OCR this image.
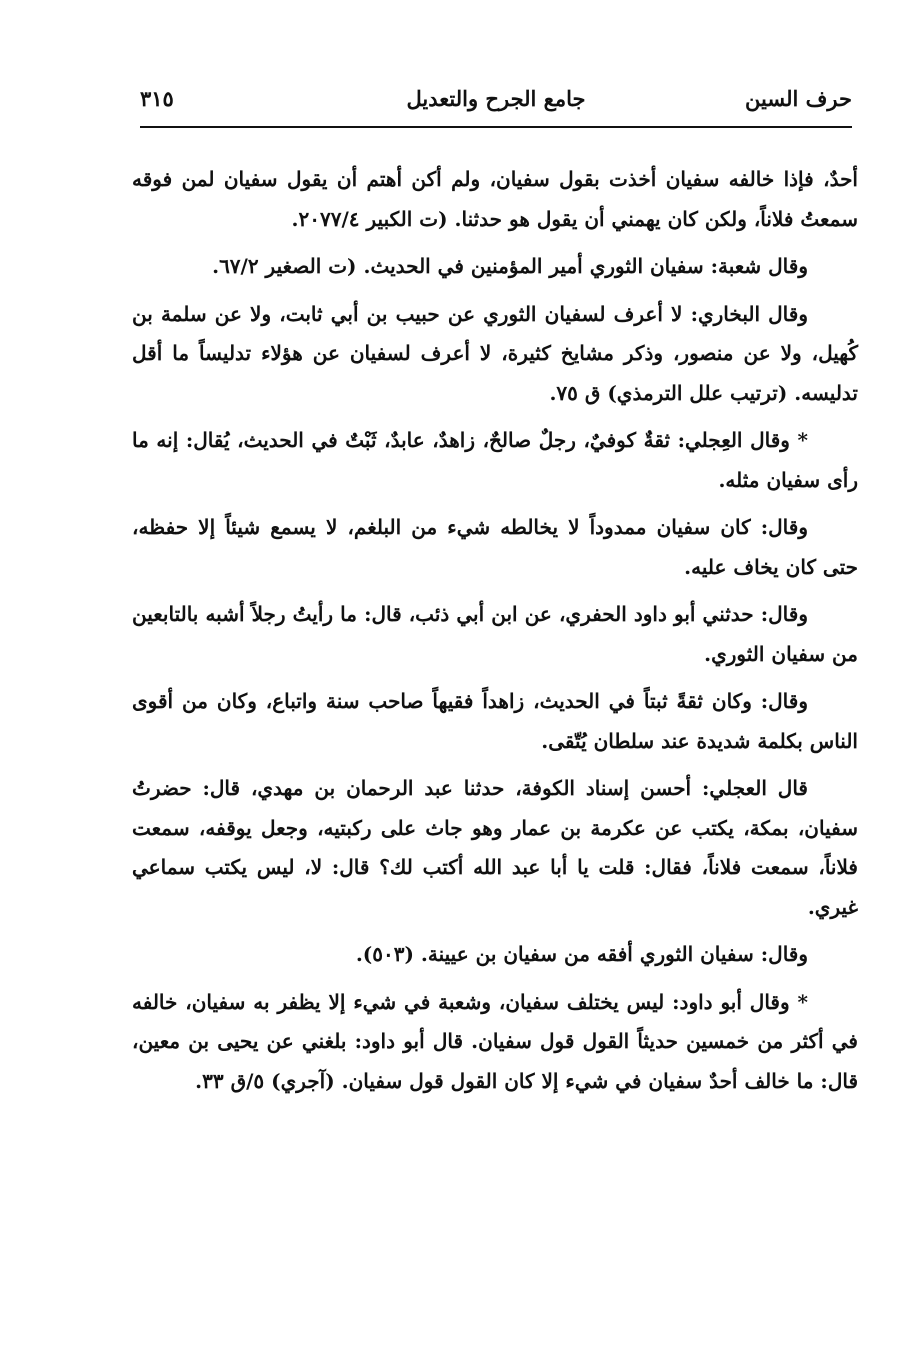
حرف السين
جامع الجرح والتعديل
٣١٥

أحدٌ، فإذا خالفه سفيان أخذت بقول سفيان، ولم أكن أهتم أن يقول سفيان لمن فوقه سمعتُ فلاناً، ولكن كان يهمني أن يقول هو حدثنا. (ت الكبير ٢٠٧٧/٤.

وقال شعبة: سفيان الثوري أمير المؤمنين في الحديث. (ت الصغير ٦٧/٢.

وقال البخاري: لا أعرف لسفيان الثوري عن حبيب بن أبي ثابت، ولا عن سلمة بن كُهيل، ولا عن منصور، وذكر مشايخ كثيرة، لا أعرف لسفيان عن هؤلاء تدليساً ما أقل تدليسه. (ترتيب علل الترمذي) ق ٧٥.

* وقال العِجلي: ثقةٌ كوفيٌ، رجلٌ صالحٌ، زاهدٌ، عابدٌ، ثَبْتٌ في الحديث، يُقال: إنه ما رأى سفيان مثله.

وقال: كان سفيان ممدوداً لا يخالطه شيء من البلغم، لا يسمع شيئاً إلا حفظه، حتى كان يخاف عليه.

وقال: حدثني أبو داود الحفري، عن ابن أبي ذئب، قال: ما رأيتُ رجلاً أشبه بالتابعين من سفيان الثوري.

وقال: وكان ثقةً ثبتاً في الحديث، زاهداً فقيهاً صاحب سنة واتباع، وكان من أقوى الناس بكلمة شديدة عند سلطان يُتّقى.

قال العجلي: أحسن إسناد الكوفة، حدثنا عبد الرحمان بن مهدي، قال: حضرتُ سفيان، بمكة، يكتب عن عكرمة بن عمار وهو جاث على ركبتيه، وجعل يوقفه، سمعت فلاناً، سمعت فلاناً، فقال: قلت يا أبا عبد الله أكتب لك؟ قال: لا، ليس يكتب سماعي غيري.

وقال: سفيان الثوري أفقه من سفيان بن عيينة. (٥٠٣).

* وقال أبو داود: ليس يختلف سفيان، وشعبة في شيء إلا يظفر به سفيان، خالفه في أكثر من خمسين حديثاً القول قول سفيان. قال أبو داود: بلغني عن يحيى بن معين، قال: ما خالف أحدٌ سفيان في شيء إلا كان القول قول سفيان. (آجري) ٥/ق ٣٣.
